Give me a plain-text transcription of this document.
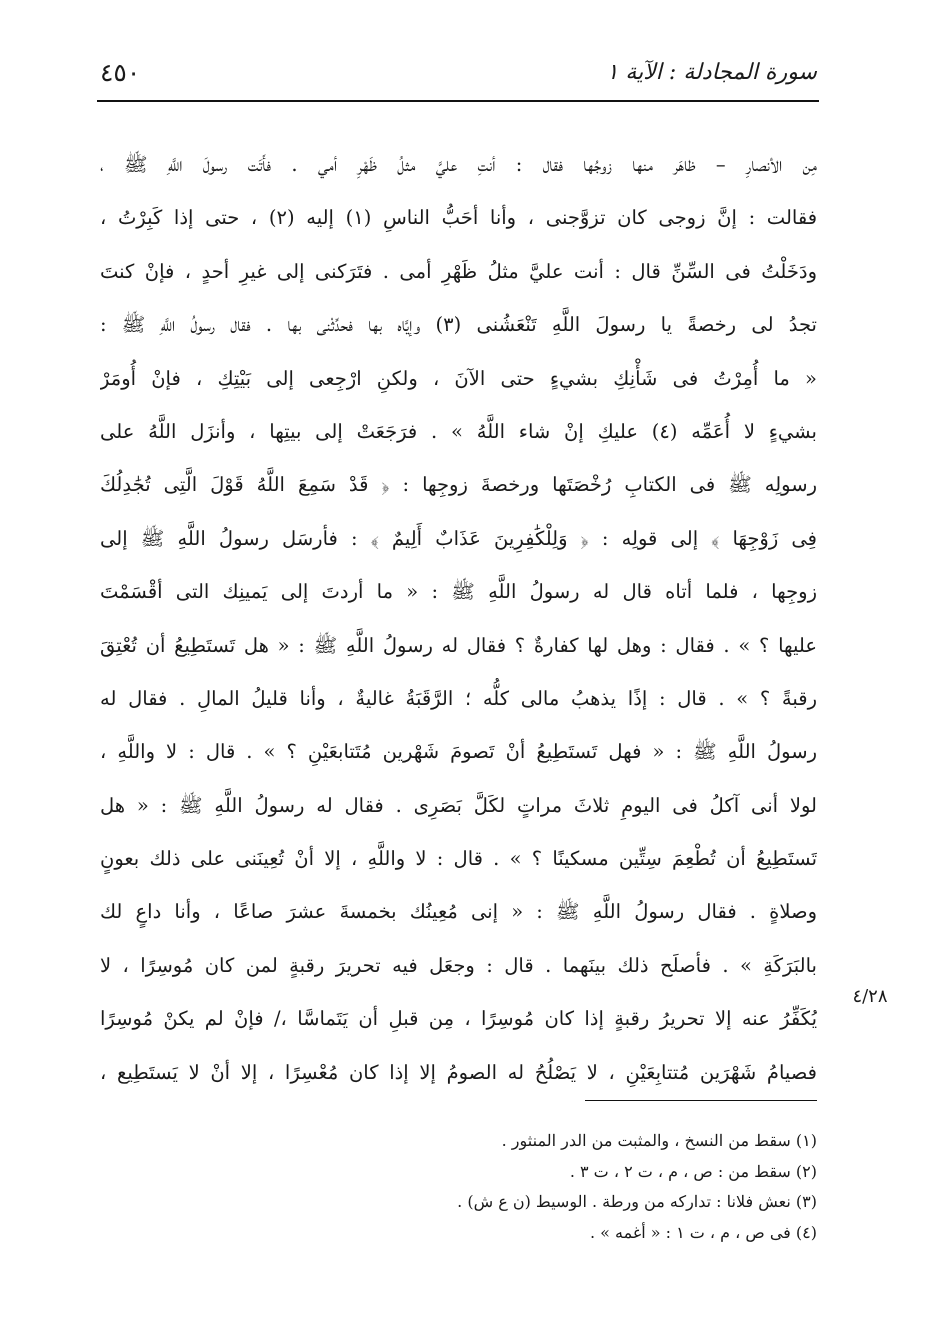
سورة المجادلة : الآية ١
٤٥٠
مِن الأنصارِ – ظاهَر منها زوجُها فقال : أنتِ عليَّ مثلُ ظَهْرِ أمي . فأَتَت رسولَ اللَّهِ ﷺ ،
فقالت : إنَّ زوجى كان تزوَّجنى ، وأنا أحَبُّ الناسِ (١) إليه (٢) ، حتى إذا كَبِرْتُ ،
ودَخَلْتُ فى السِّنِّ قال : أنت عليَّ مثلُ ظَهْرِ أمى . فتَرَكنى إلى غيرِ أحدٍ ، فإنْ كنتَ
تجدُ لى رخصةً يا رسولَ اللَّهِ تَنْعَشُنى (٣) وإيَّاه بها فحدِّثْنى بها . فقال رسولُ اللَّهِ ﷺ :
« ما أُمِرْتُ فى شَأْنِكِ بشيءٍ حتى الآنَ ، ولكنِ ارْجِعى إلى بَيْتِكِ ، فإنْ أُومَرْ
بشيءٍ لا أُعَمِّه (٤) عليكِ إنْ شاء اللَّهُ » . فرَجَعَتْ إلى بيتِها ، وأنزَل اللَّهُ على
رسولِه ﷺ فى الكتابِ رُخْصَتَها ورخصةَ زوجِها : ﴿ قَدْ سَمِعَ اللَّهُ قَوْلَ الَّتِى تُجَٰدِلُكَ
فِى زَوْجِهَا ﴾ إلى قولِه : ﴿ وَلِلْكَٰفِرِينَ عَذَابٌ أَلِيمٌ ﴾ : فأرسَل رسولُ اللَّهِ ﷺ إلى
زوجِها ، فلما أتاه قال له رسولُ اللَّهِ ﷺ : « ما أردتَ إلى يَمينِك التى أقْسَمْتَ
عليها ؟ » . فقال : وهل لها كفارةٌ ؟ فقال له رسولُ اللَّهِ ﷺ : « هل تَستَطِيعُ أن تُعْتِقَ
رقبةً ؟ » . قال : إذًا يذهبُ مالى كلُّه ؛ الرَّقَبَةُ غاليةٌ ، وأنا قليلُ المالِ . فقال له
رسولُ اللَّهِ ﷺ : « فهل تَستَطِيعُ أنْ تَصومَ شَهْرين مُتَتابعَيْنِ ؟ » . قال : لا واللَّهِ ،
لولا أنى آكلُ فى اليومِ ثلاثَ مراتٍ لكَلَّ بَصَرِى . فقال له رسولُ اللَّهِ ﷺ : « هل
تَستَطِيعُ أن تُطْعِمَ سِتِّين مسكينًا ؟ » . قال : لا واللَّهِ ، إلا أنْ تُعِينَنى على ذلك بعونٍ
وصلاةٍ . فقال رسولُ اللَّهِ ﷺ : « إنى مُعِينُك بخمسةَ عشرَ صاعًا ، وأنا داعٍ لك
بالبَرَكَةِ » . فأصلَح ذلك بينَهما . قال : وجعَل فيه تحريرَ رقبةٍ لمن كان مُوسِرًا ، لا
يُكَفِّرُ عنه إلا تحريرُ رقبةٍ إذا كان مُوسِرًا ، مِن قبلِ أن يَتَماسَّا ،/ فإنْ لم يكنْ مُوسِرًا
فصيامُ شَهْرَين مُتتابِعَيْنِ ، لا يَصْلُحُ له الصومُ إلا إذا كان مُعْسِرًا ، إلا أنْ لا يَستَطِيع ،
٤/٢٨
(١) سقط من النسخ ، والمثبت من الدر المنثور .
(٢) سقط من : ص ، م ، ت ٢ ، ت ٣ .
(٣) نعش فلانا : تداركه من ورطة . الوسيط (ن ع ش) .
(٤) فى ص ، م ، ت ١ : « أغمه » .
